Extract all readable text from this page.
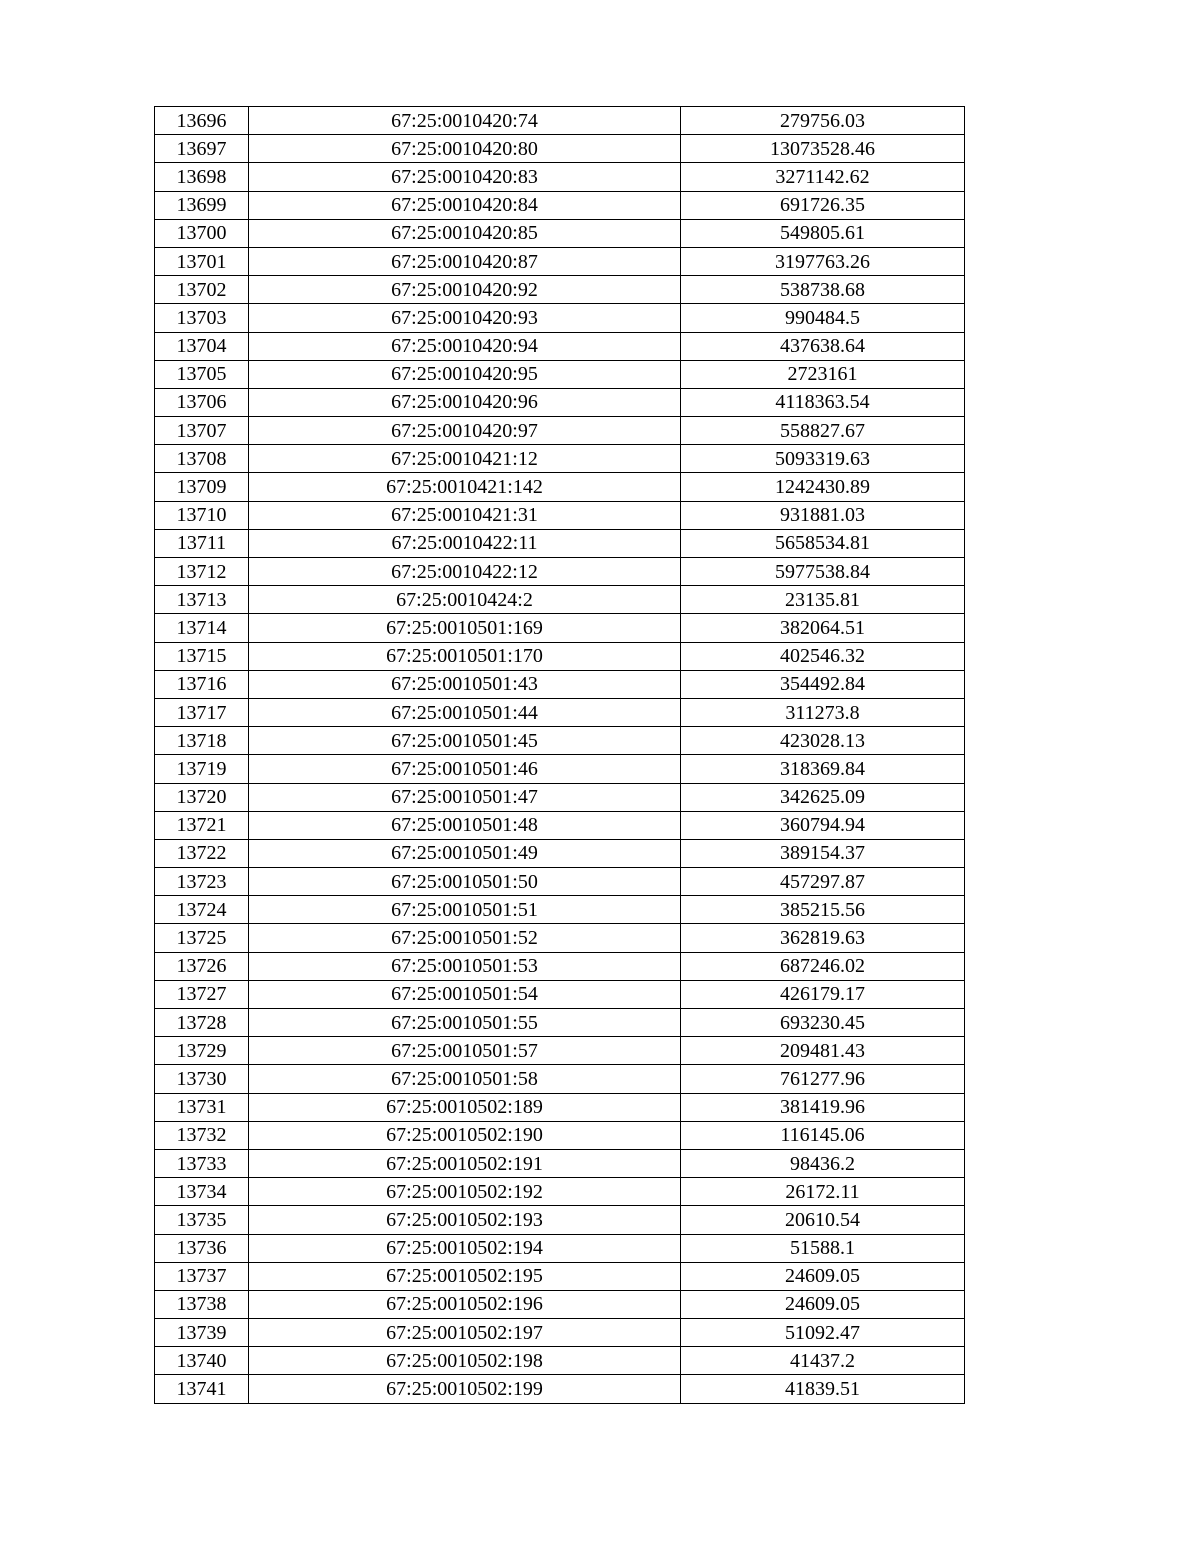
13696	67:25:0010420:74	279756.03
13697	67:25:0010420:80	13073528.46
13698	67:25:0010420:83	3271142.62
13699	67:25:0010420:84	691726.35
13700	67:25:0010420:85	549805.61
13701	67:25:0010420:87	3197763.26
13702	67:25:0010420:92	538738.68
13703	67:25:0010420:93	990484.5
13704	67:25:0010420:94	437638.64
13705	67:25:0010420:95	2723161
13706	67:25:0010420:96	4118363.54
13707	67:25:0010420:97	558827.67
13708	67:25:0010421:12	5093319.63
13709	67:25:0010421:142	1242430.89
13710	67:25:0010421:31	931881.03
13711	67:25:0010422:11	5658534.81
13712	67:25:0010422:12	5977538.84
13713	67:25:0010424:2	23135.81
13714	67:25:0010501:169	382064.51
13715	67:25:0010501:170	402546.32
13716	67:25:0010501:43	354492.84
13717	67:25:0010501:44	311273.8
13718	67:25:0010501:45	423028.13
13719	67:25:0010501:46	318369.84
13720	67:25:0010501:47	342625.09
13721	67:25:0010501:48	360794.94
13722	67:25:0010501:49	389154.37
13723	67:25:0010501:50	457297.87
13724	67:25:0010501:51	385215.56
13725	67:25:0010501:52	362819.63
13726	67:25:0010501:53	687246.02
13727	67:25:0010501:54	426179.17
13728	67:25:0010501:55	693230.45
13729	67:25:0010501:57	209481.43
13730	67:25:0010501:58	761277.96
13731	67:25:0010502:189	381419.96
13732	67:25:0010502:190	116145.06
13733	67:25:0010502:191	98436.2
13734	67:25:0010502:192	26172.11
13735	67:25:0010502:193	20610.54
13736	67:25:0010502:194	51588.1
13737	67:25:0010502:195	24609.05
13738	67:25:0010502:196	24609.05
13739	67:25:0010502:197	51092.47
13740	67:25:0010502:198	41437.2
13741	67:25:0010502:199	41839.51
